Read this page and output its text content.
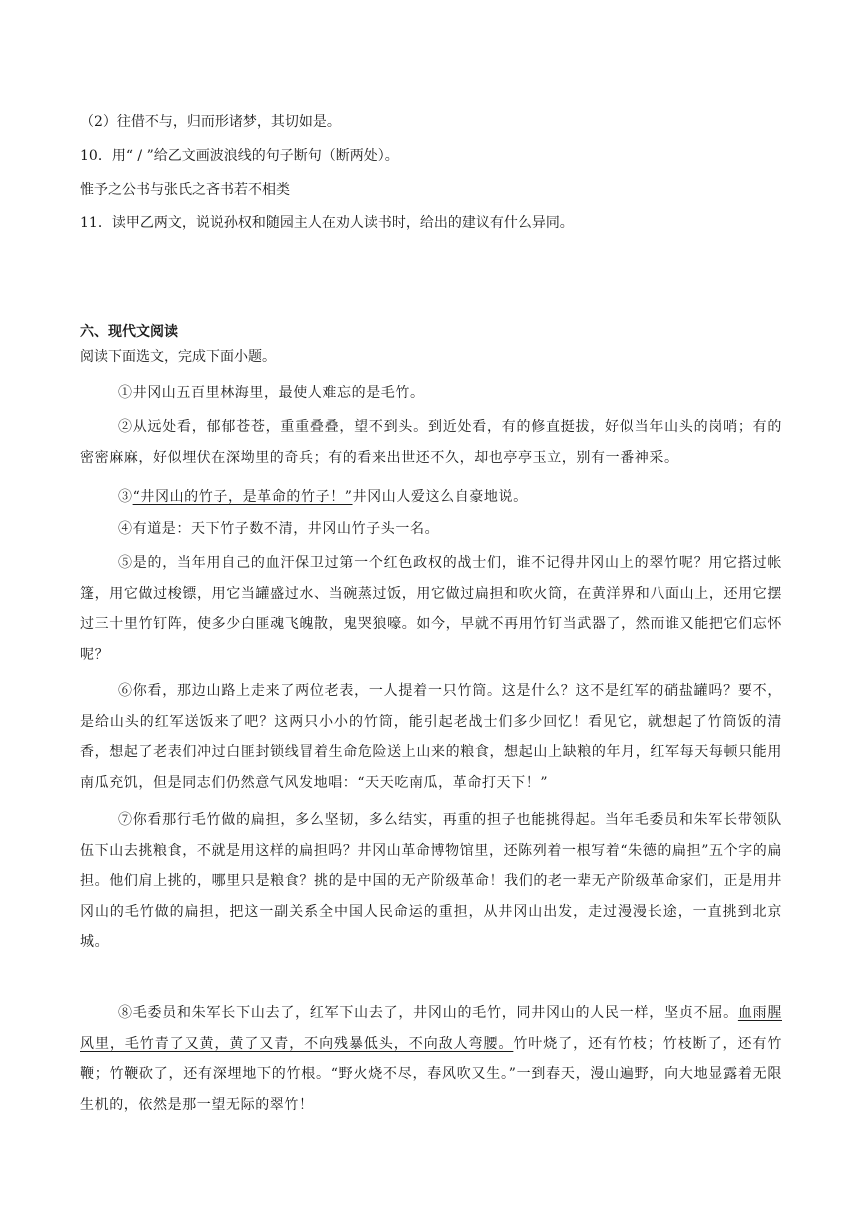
（2）往借不与，归而形诸梦，其切如是。
10．用“ / ”给乙文画波浪线的句子断句（断两处）。
惟予之公书与张氏之吝书若不相类
11．读甲乙两文，说说孙权和随园主人在劝人读书时，给出的建议有什么异同。
六、现代文阅读
阅读下面选文，完成下面小题。
①井冈山五百里林海里，最使人难忘的是毛竹。
②从远处看，郁郁苍苍，重重叠叠，望不到头。到近处看，有的修直挺拔，好似当年山头的岗哨；有的密密麻麻，好似埋伏在深坳里的奇兵；有的看来出世还不久，却也亭亭玉立，别有一番神采。
③“井冈山的竹子，是革命的竹子！”井冈山人爱这么自豪地说。
④有道是：天下竹子数不清，井冈山竹子头一名。
⑤是的，当年用自己的血汗保卫过第一个红色政权的战士们，谁不记得井冈山上的翠竹呢？用它搭过帐篷，用它做过梭镖，用它当罐盛过水、当碗蒸过饭，用它做过扁担和吹火筒，在黄洋界和八面山上，还用它摆过三十里竹钉阵，使多少白匪魂飞魄散，鬼哭狼嚎。如今，早就不再用竹钉当武器了，然而谁又能把它们忘怀呢？
⑥你看，那边山路上走来了两位老表，一人提着一只竹筒。这是什么？这不是红军的硝盐罐吗？要不，是给山头的红军送饭来了吧？这两只小小的竹筒，能引起老战士们多少回忆！看见它，就想起了竹筒饭的清香，想起了老表们冲过白匪封锁线冒着生命危险送上山来的粮食，想起山上缺粮的年月，红军每天每顿只能用南瓜充饥，但是同志们仍然意气风发地唱：“天天吃南瓜，革命打天下！”
⑦你看那行毛竹做的扁担，多么坚韧，多么结实，再重的担子也能挑得起。当年毛委员和朱军长带领队伍下山去挑粮食，不就是用这样的扁担吗？井冈山革命博物馆里，还陈列着一根写着“朱德的扁担”五个字的扁担。他们肩上挑的，哪里只是粮食？挑的是中国的无产阶级革命！我们的老一辈无产阶级革命家们，正是用井冈山的毛竹做的扁担，把这一副关系全中国人民命运的重担，从井冈山出发，走过漫漫长途，一直挑到北京城。
⑧毛委员和朱军长下山去了，红军下山去了，井冈山的毛竹，同井冈山的人民一样，坚贞不屈。血雨腥风里，毛竹青了又黄，黄了又青，不向残暴低头，不向敌人弯腰。竹叶烧了，还有竹枝；竹枝断了，还有竹鞭；竹鞭砍了，还有深埋地下的竹根。“野火烧不尽，春风吹又生。”一到春天，漫山遍野，向大地显露着无限生机的，依然是那一望无际的翠竹！
